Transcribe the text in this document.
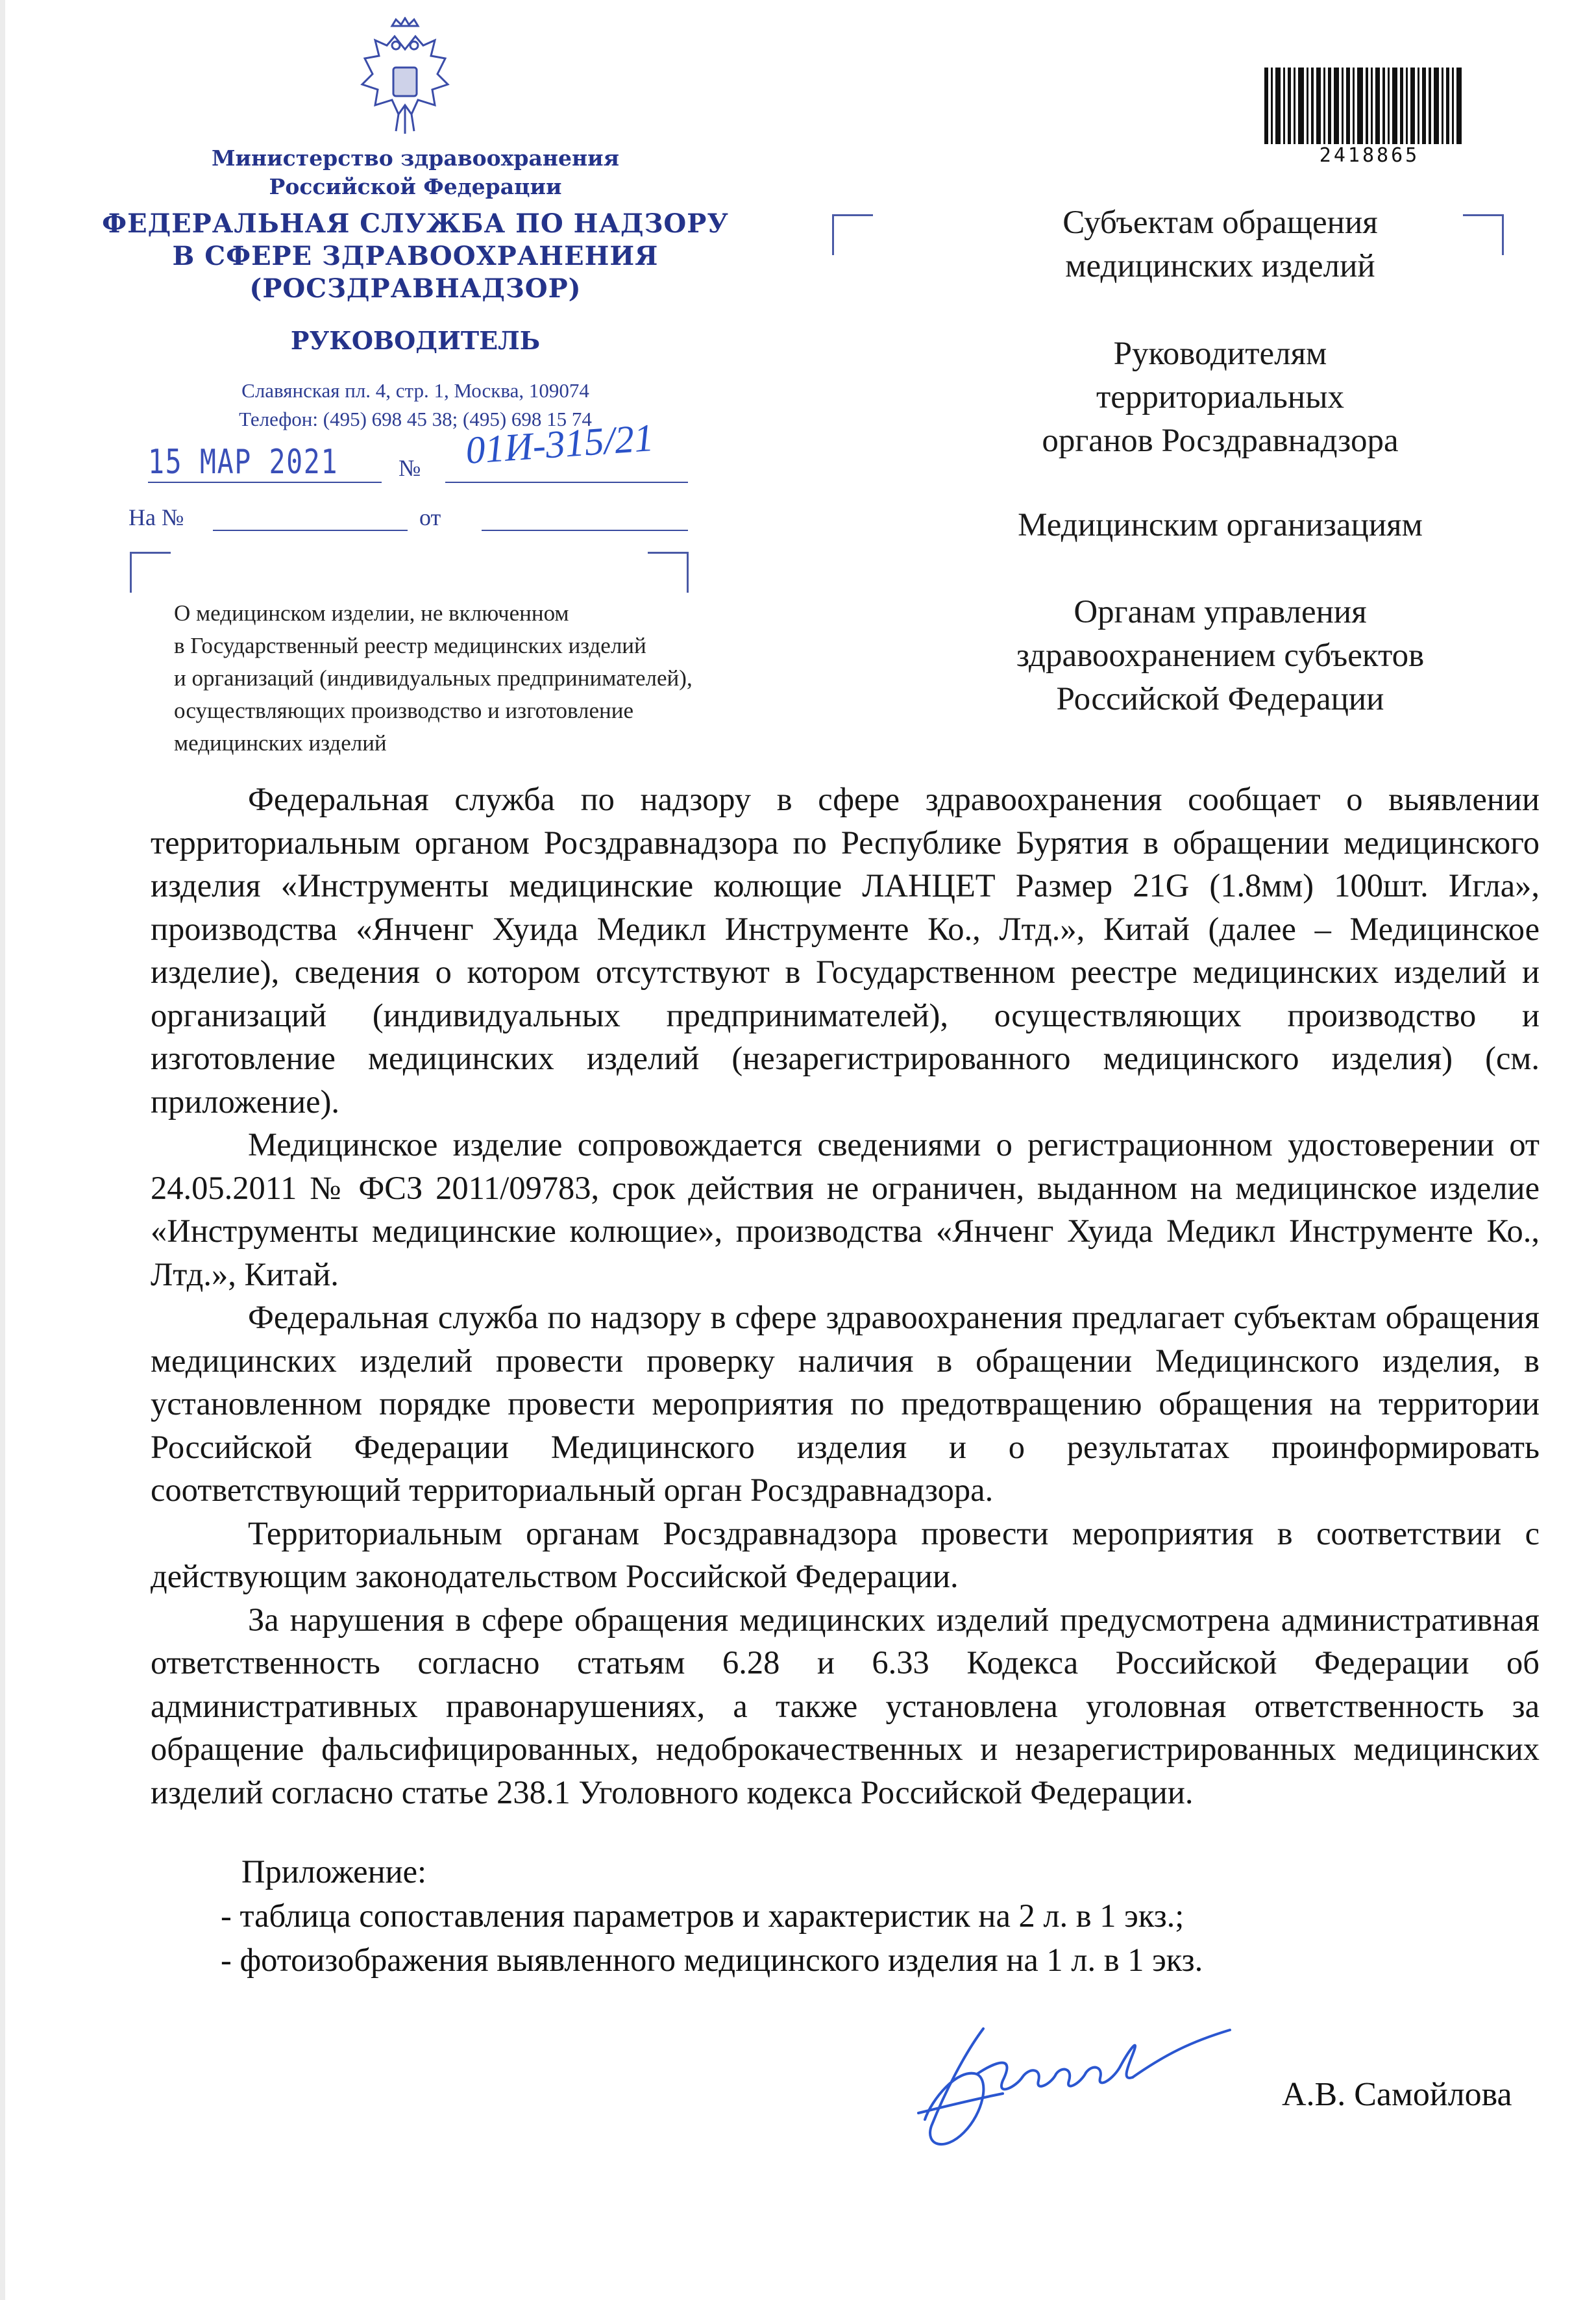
Министерство здравоохранения
Российской Федерации
ФЕДЕРАЛЬНАЯ СЛУЖБА ПО НАДЗОРУ
В СФЕРЕ ЗДРАВООХРАНЕНИЯ
(РОСЗДРАВНАДЗОР)
РУКОВОДИТЕЛЬ
Славянская пл. 4, стр. 1, Москва, 109074
Телефон: (495) 698 45 38; (495) 698 15 74
15 МАР 2021	№ 01И-315/21
На №	от
О медицинском изделии, не включенном
в Государственный реестр медицинских изделий
и организаций (индивидуальных предпринимателей),
осуществляющих производство и изготовление
медицинских изделий
2418865
Субъектам обращения
медицинских изделий
Руководителям
территориальных
органов Росздравнадзора
Медицинским организациям
Органам управления
здравоохранением субъектов
Российской Федерации

Федеральная служба по надзору в сфере здравоохранения сообщает о выявлении территориальным органом Росздравнадзора по Республике Бурятия в обращении медицинского изделия «Инструменты медицинские колющие ЛАНЦЕТ Размер 21G (1.8мм) 100шт. Игла», производства «Янченг Хуида Медикл Инструменте Ко., Лтд.», Китай (далее – Медицинское изделие), сведения о котором отсутствуют в Государственном реестре медицинских изделий и организаций (индивидуальных предпринимателей), осуществляющих производство и изготовление медицинских изделий (незарегистрированного медицинского изделия) (см. приложение).

Медицинское изделие сопровождается сведениями о регистрационном удостоверении от 24.05.2011 № ФСЗ 2011/09783, срок действия не ограничен, выданном на медицинское изделие «Инструменты медицинские колющие», производства «Янченг Хуида Медикл Инструменте Ко., Лтд.», Китай.

Федеральная служба по надзору в сфере здравоохранения предлагает субъектам обращения медицинских изделий провести проверку наличия в обращении Медицинского изделия, в установленном порядке провести мероприятия по предотвращению обращения на территории Российской Федерации Медицинского изделия и о результатах проинформировать соответствующий территориальный орган Росздравнадзора.

Территориальным органам Росздравнадзора провести мероприятия в соответствии с действующим законодательством Российской Федерации.

За нарушения в сфере обращения медицинских изделий предусмотрена административная ответственность согласно статьям 6.28 и 6.33 Кодекса Российской Федерации об административных правонарушениях, а также установлена уголовная ответственность за обращение фальсифицированных, недоброкачественных и незарегистрированных медицинских изделий согласно статье 238.1 Уголовного кодекса Российской Федерации.

Приложение:
- таблица сопоставления параметров и характеристик на 2 л. в 1 экз.;
- фотоизображения выявленного медицинского изделия на 1 л. в 1 экз.
А.В. Самойлова
